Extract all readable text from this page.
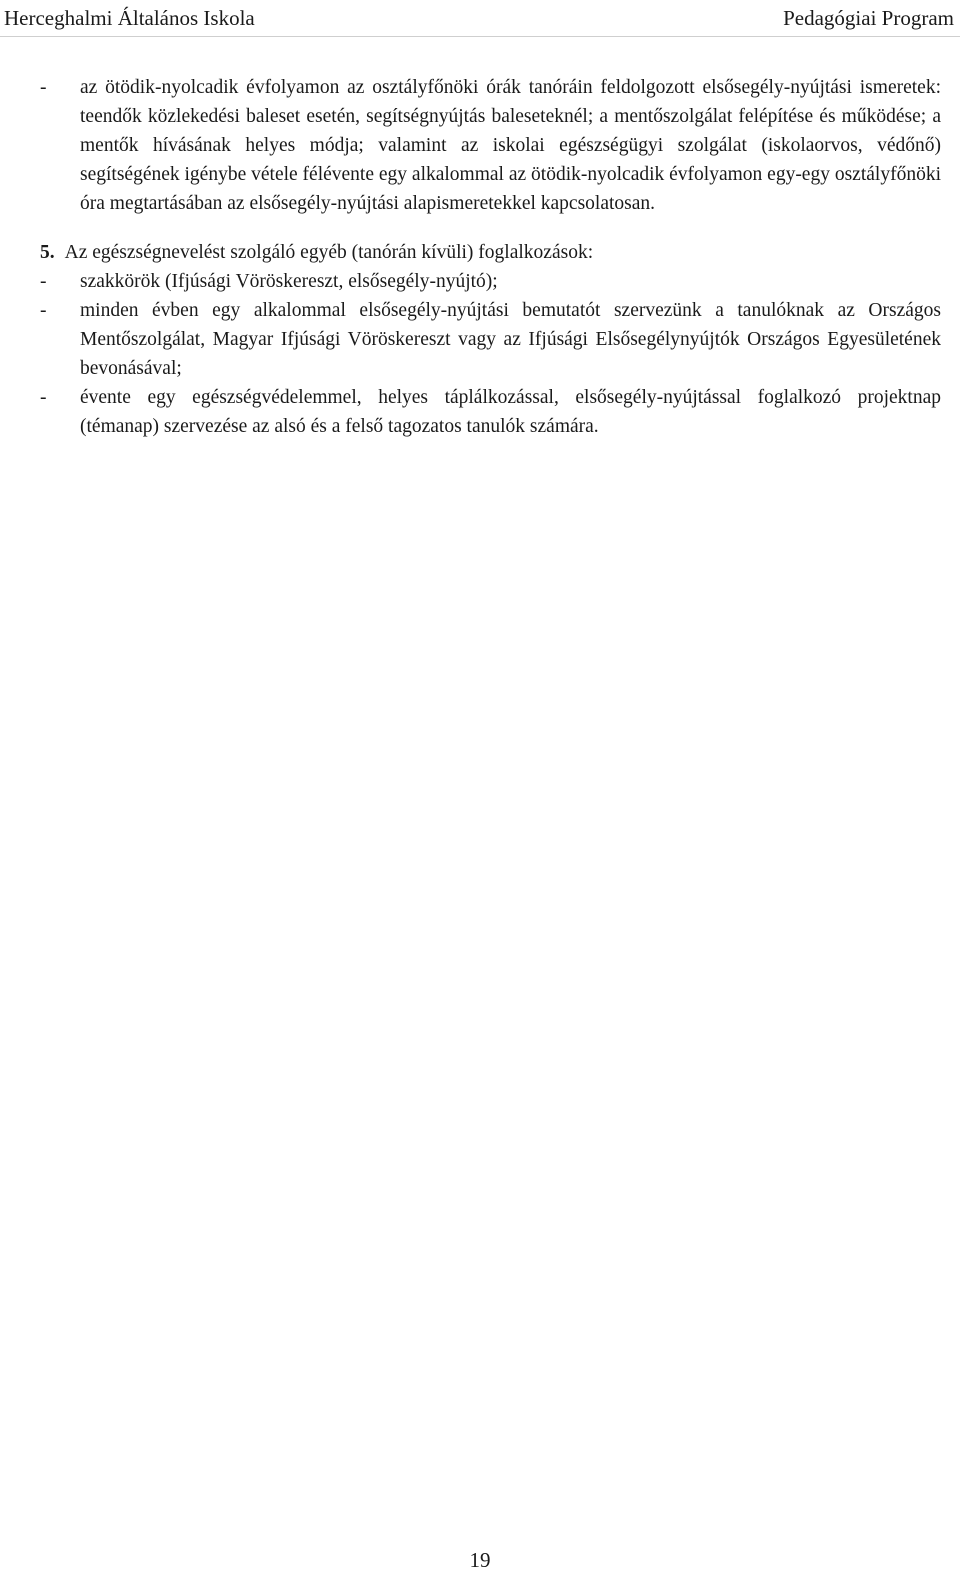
Herceghalmi Általános Iskola	Pedagógiai Program
- az ötödik-nyolcadik évfolyamon az osztályfőnöki órák tanóráin feldolgozott elsősegély-nyújtási ismeretek: teendők közlekedési baleset esetén, segítségnyújtás baleseteknél; a mentőszolgálat felépítése és működése; a mentők hívásának helyes módja; valamint az iskolai egészségügyi szolgálat (iskolaorvos, védőnő) segítségének igénybe vétele félévente egy alkalommal az ötödik-nyolcadik évfolyamon egy-egy osztályfőnöki óra megtartásában az elsősegély-nyújtási alapismeretekkel kapcsolatosan.
5. Az egészségnevelést szolgáló egyéb (tanórán kívüli) foglalkozások:
- szakkörök (Ifjúsági Vöröskereszt, elsősegély-nyújtó);
- minden évben egy alkalommal elsősegély-nyújtási bemutatót szervezünk a tanulóknak az Országos Mentőszolgálat, Magyar Ifjúsági Vöröskereszt vagy az Ifjúsági Elsősegélynyújtók Országos Egyesületének bevonásával;
- évente egy egészségvédelemmel, helyes táplálkozással, elsősegély-nyújtással foglalkozó projektnap (témanap) szervezése az alsó és a felső tagozatos tanulók számára.
19
